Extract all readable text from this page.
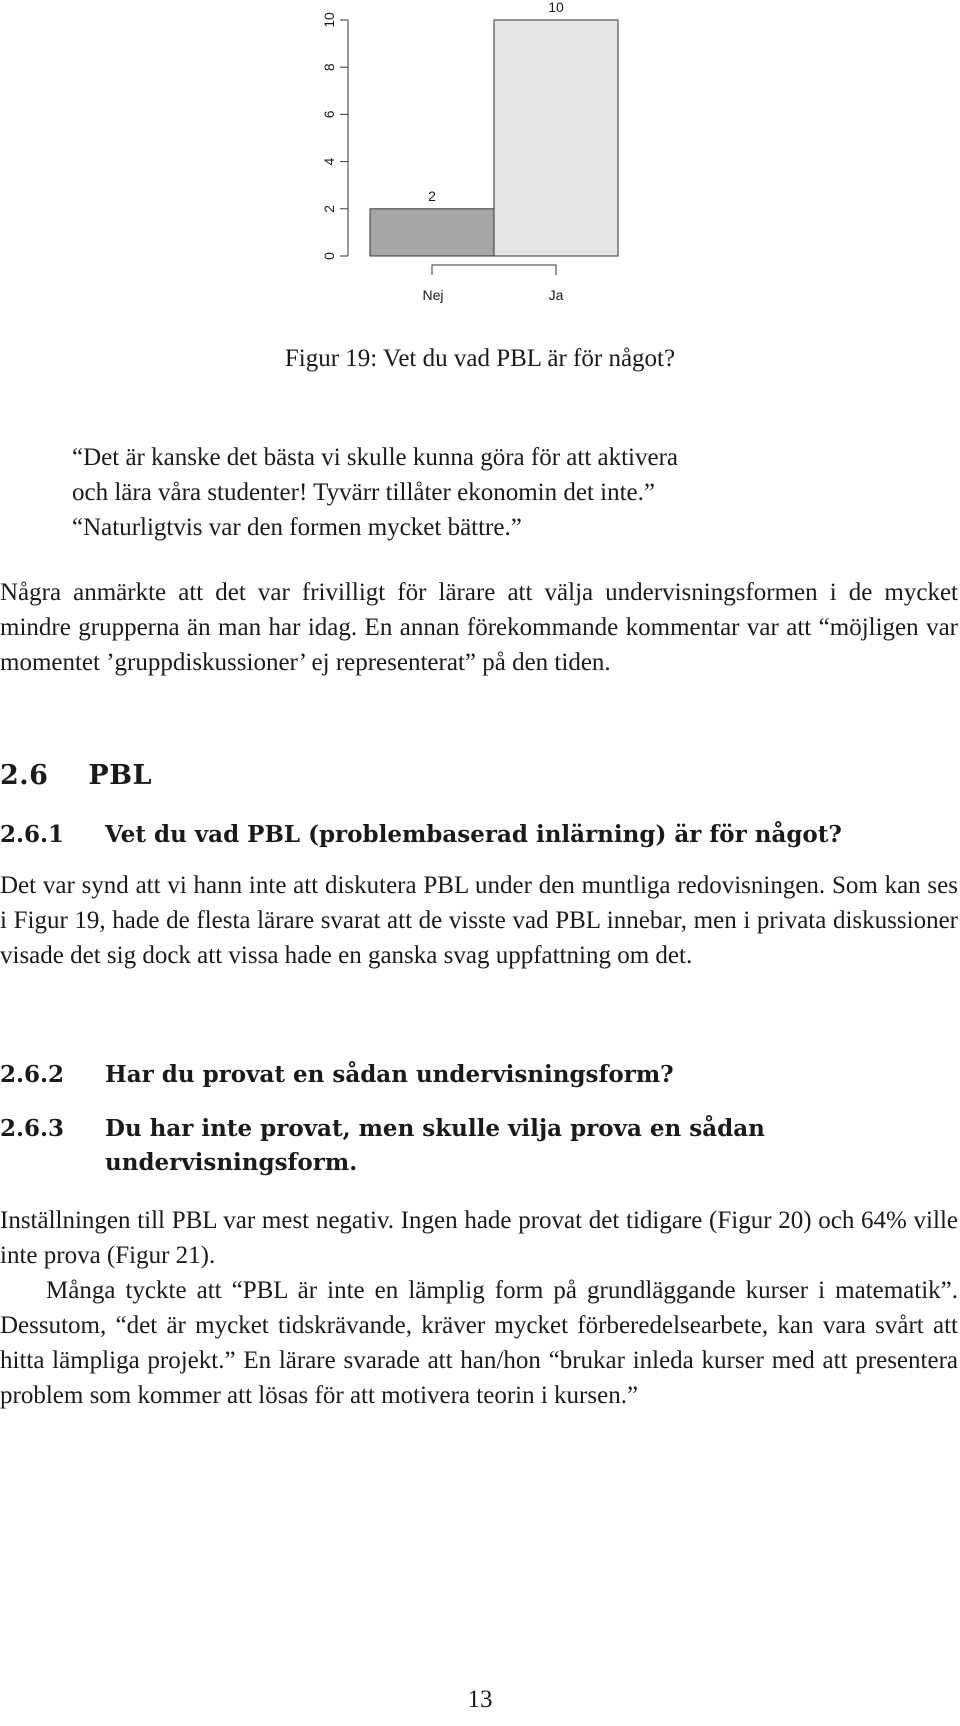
0
2
4
6
8
10
2
10
Nej	Ja
Figur 19: Vet du vad PBL är för något?

“Det är kanske det bästa vi skulle kunna göra för att aktivera

och lära våra studenter! Tyvärr tillåter ekonomin det inte.”

“Naturligtvis var den formen mycket bättre.”

Några anmärkte att det var frivilligt för lärare att välja undervisningsformen i de mycket mindre grupperna än man har idag. En annan förekommande kommentar var att “möjligen var momentet ’gruppdiskussioner’ ej representerat” på den tiden.

2.6 PBL
2.6.1 Vet du vad PBL (problembaserad inlärning) är för något?

Det var synd att vi hann inte att diskutera PBL under den muntliga redovisningen. Som kan ses i Figur 19, hade de flesta lärare svarat att de visste vad PBL innebar, men i privata diskussioner visade det sig dock att vissa hade en ganska svag uppfattning om det.

2.6.2 Har du provat en sådan undervisningsform?
2.6.3 Du har inte provat, men skulle vilja prova en sådan undervisningsform.

Inställningen till PBL var mest negativ. Ingen hade provat det tidigare (Figur 20) och 64% ville inte prova (Figur 21).

Många tyckte att “PBL är inte en lämplig form på grundläggande kurser i matematik”. Dessutom, “det är mycket tidskrävande, kräver mycket förberedelsearbete, kan vara svårt att hitta lämpliga projekt.” En lärare svarade att han/hon “brukar inleda kurser med att presentera problem som kommer att lösas för att motivera teorin i kursen.”

13
